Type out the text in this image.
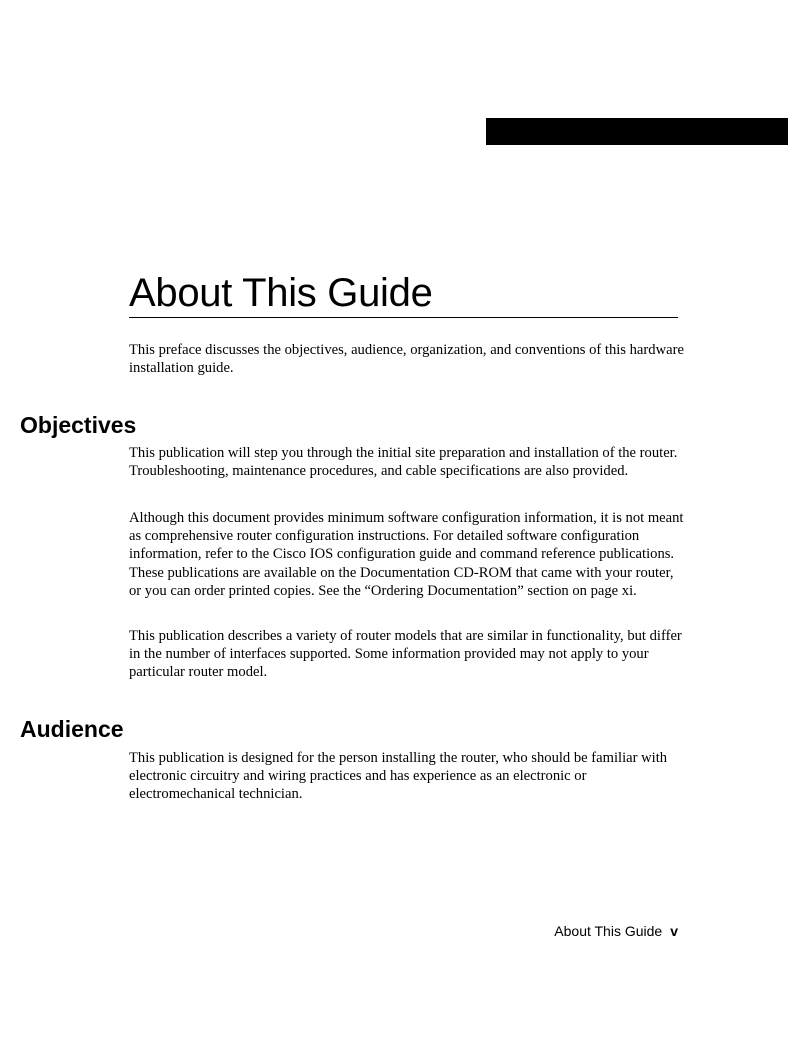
About This Guide

This preface discusses the objectives, audience, organization, and conventions of this hardware installation guide.

Objectives

This publication will step you through the initial site preparation and installation of the router. Troubleshooting, maintenance procedures, and cable specifications are also provided.

Although this document provides minimum software configuration information, it is not meant as comprehensive router configuration instructions. For detailed software configuration information, refer to the Cisco IOS configuration guide and command reference publications. These publications are available on the Documentation CD-ROM that came with your router, or you can order printed copies. See the “Ordering Documentation” section on page xi.

This publication describes a variety of router models that are similar in functionality, but differ in the number of interfaces supported. Some information provided may not apply to your particular router model.

Audience

This publication is designed for the person installing the router, who should be familiar with electronic circuitry and wiring practices and has experience as an electronic or electromechanical technician.

About This Guide v
